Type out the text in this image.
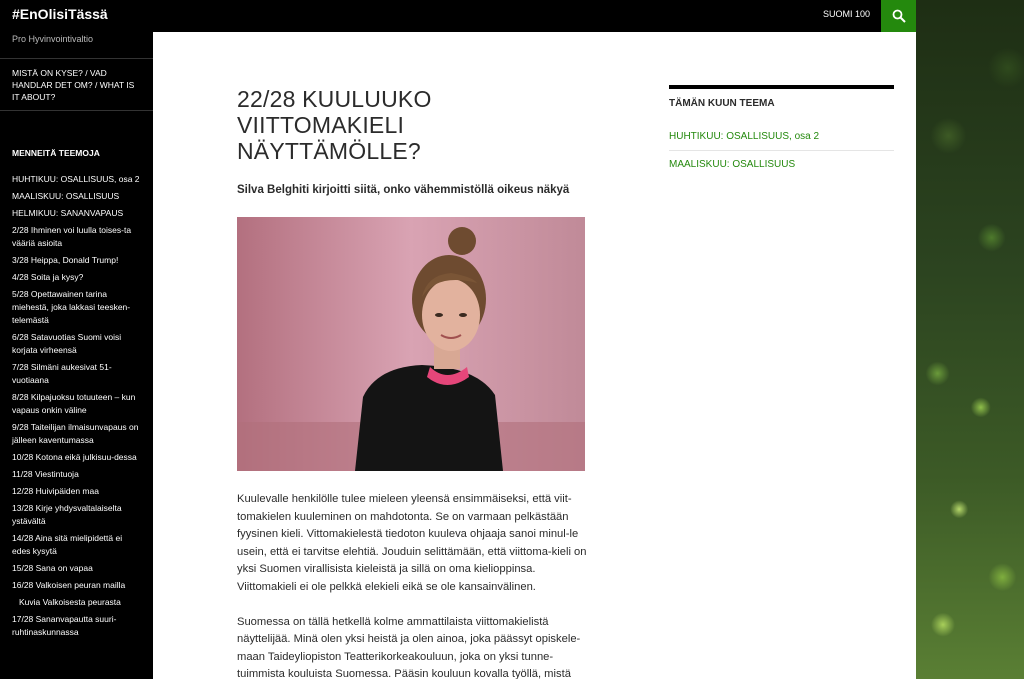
#EnOlisiTässä	SUOMI 100
Pro Hyvinvointivaltio
MISTÄ ON KYSE? / VAD HANDLAR DET OM? / WHAT IS IT ABOUT?
MENNEITÄ TEEMOJA
HUHTIKUU: OSALLISUUS, osa 2
MAALISKUU: OSALLISUUS
HELMIKUU: SANANVAPAUS
2/28 Ihminen voi luulla toises-ta vääriä asioita
3/28 Heippa, Donald Trump!
4/28 Soita ja kysy?
5/28 Opettawainen tarina miehestä, joka lakkasi teesken-telemästä
6/28 Satavuotias Suomi voisi korjata virheensä
7/28 Silmäni aukesivat 51-vuotiaana
8/28 Kilpajuoksu totuuteen – kun vapaus onkin väline
9/28 Taiteilijan ilmaisunvapaus on jälleen kaventumassa
10/28 Kotona eikä julkisuu-dessa
11/28 Viestintuoja
12/28 Huivipäiden maa
13/28 Kirje yhdysvaltalaiselta ystävältä
14/28 Aina sitä mielipidettä ei edes kysytä
15/28 Sana on vapaa
16/28 Valkoisen peuran mailla
Kuvia Valkoisesta peurasta
17/28 Sananvapautta suuri-ruhtinaskunnassa
22/28 KUULUUKO VIITTOMAKIELI NÄYTTÄMÖLLE?
Silva Belghiti kirjoitti siitä, onko vähemmistöllä oikeus näkyä

Kuulevalle henkilölle tulee mieleen yleensä ensimmäiseksi, että viit-tomakielen kuuleminen on mahdotonta. Se on varmaan pelkästään fyysinen kieli. Vittomakielestä tiedoton kuuleva ohjaaja sanoi minul-le usein, että ei tarvitse elehtiä. Jouduin selittämään, että viittoma-kieli on yksi Suomen virallisista kieleistä ja sillä on oma kielioppinsa. Viittomakieli ei ole pelkkä elekieli eikä se ole kansainvälinen.

Suomessa on tällä hetkellä kolme ammattilaista viittomakielistä näyttelijää. Minä olen yksi heistä ja olen ainoa, joka päässyt opiskele-maan Taideyliopiston Teatterikorkeakouluun, joka on yksi tunne-tuimmista kouluista Suomessa. Pääsin kouluun kovalla työllä, mistä

TÄMÄN KUUN TEEMA
HUHTIKUU: OSALLISUUS, osa 2
MAALISKUU: OSALLISUUS
